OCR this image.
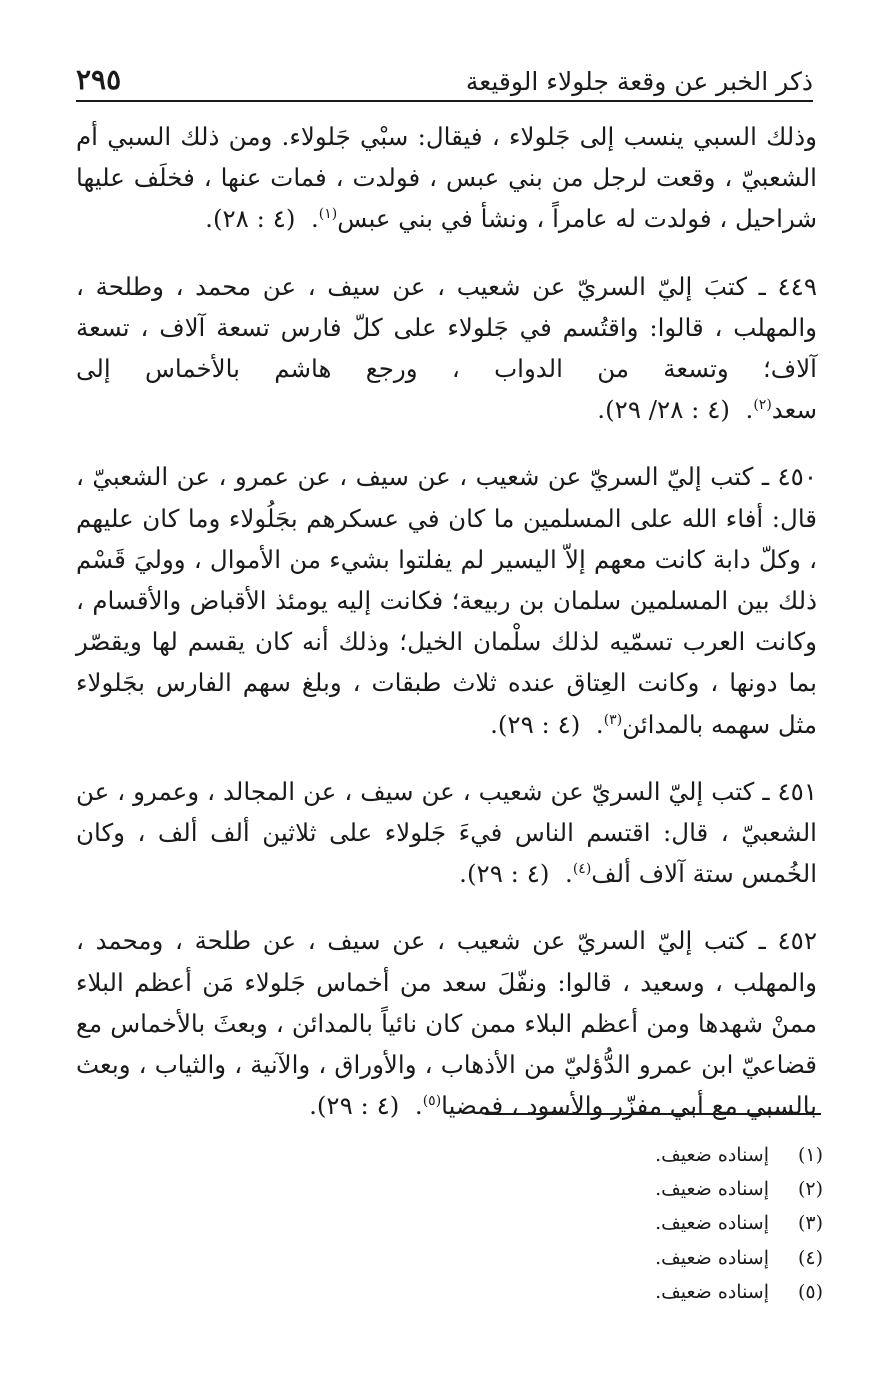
ذكر الخبر عن وقعة جلولاء الوقيعة
٢٩٥

وذلك السبي ينسب إلى جَلولاء ، فيقال: سبْي جَلولاء. ومن ذلك السبي أم الشعبيّ ، وقعت لرجل من بني عبس ، فولدت ، فمات عنها ، فخلَف عليها شراحيل ، فولدت له عامراً ، ونشأ في بني عبس$^{(١)}$.  (٤ : ٢٨).

٤٤٩ ـ كتبَ إليّ السريّ عن شعيب ، عن سيف ، عن محمد ، وطلحة ، والمهلب ، قالوا: واقتُسم في جَلولاء على كلّ فارس تسعة آلاف ، تسعة آلاف؛ وتسعة من الدواب ، ورجع هاشم بالأخماس إلى سعد$^{(٢)}$.  (٤ : ٢٨/ ٢٩).

٤٥٠ ـ كتب إليّ السريّ عن شعيب ، عن سيف ، عن عمرو ، عن الشعبيّ ، قال: أفاء الله على المسلمين ما كان في عسكرهم بجَلُولاء وما كان عليهم ، وكلّ دابة كانت معهم إلاّ اليسير لم يفلتوا بشيء من الأموال ، ووليَ قَسْم ذلك بين المسلمين سلمان بن ربيعة؛ فكانت إليه يومئذ الأقباض والأقسام ، وكانت العرب تسمّيه لذلك سلْمان الخيل؛ وذلك أنه كان يقسم لها ويقصّر بما دونها ، وكانت العِتاق عنده ثلاث طبقات ، وبلغ سهم الفارس بجَلولاء مثل سهمه بالمدائن$^{(٣)}$.  (٤ : ٢٩).

٤٥١ ـ كتب إليّ السريّ عن شعيب ، عن سيف ، عن المجالد ، وعمرو ، عن الشعبيّ ، قال: اقتسم الناس فيءَ جَلولاء على ثلاثين ألف ألف ، وكان الخُمس ستة آلاف ألف$^{(٤)}$.  (٤ : ٢٩).

٤٥٢ ـ كتب إليّ السريّ عن شعيب ، عن سيف ، عن طلحة ، ومحمد ، والمهلب ، وسعيد ، قالوا: ونفّلَ سعد من أخماس جَلولاء مَن أعظم البلاء ممنْ شهدها ومن أعظم البلاء ممن كان نائياً بالمدائن ، وبعثَ بالأخماس مع قضاعيّ ابن عمرو الدُّؤليّ من الأذهاب ، والأوراق ، والآنية ، والثياب ، وبعث بالسبي مع أبي مفزّر والأسود ، فمضيا$^{(٥)}$.  (٤ : ٢٩).

(١)
إسناده ضعيف.
(٢)
إسناده ضعيف.
(٣)
إسناده ضعيف.
(٤)
إسناده ضعيف.
(٥)
إسناده ضعيف.
